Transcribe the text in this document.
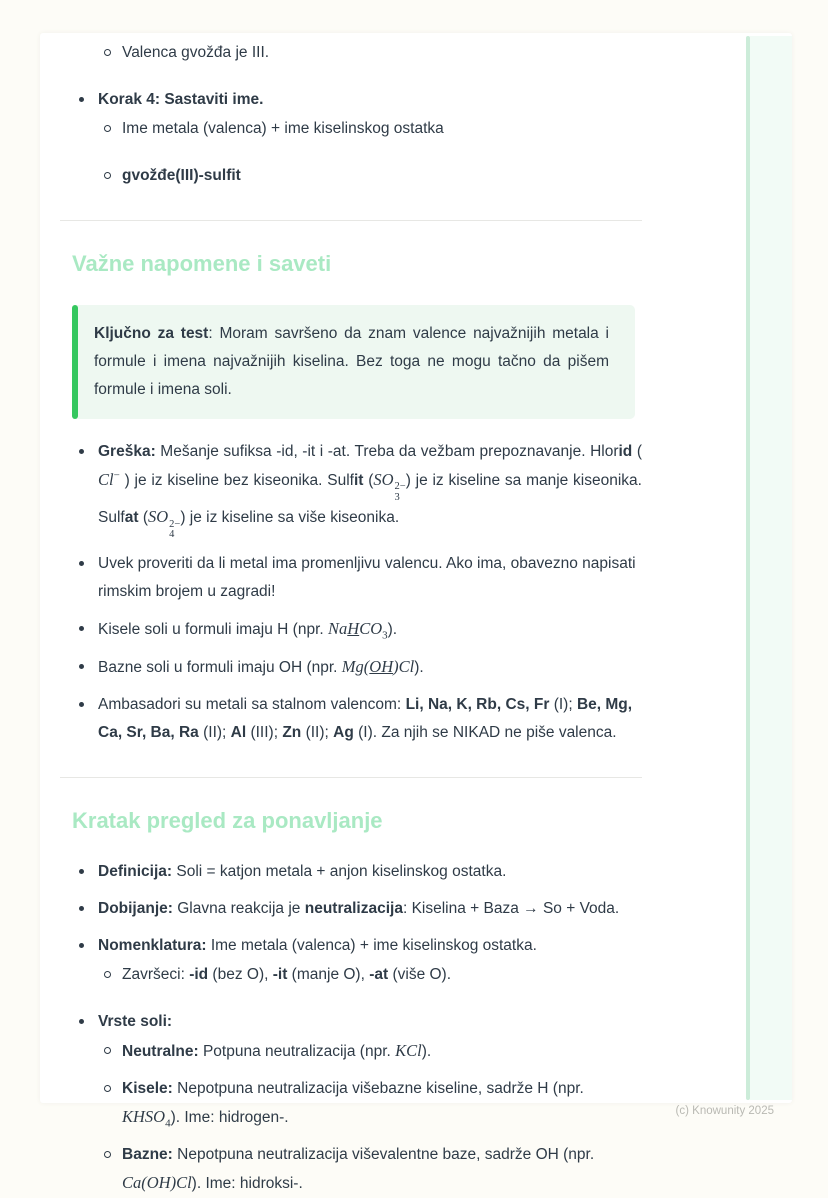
Valenca gvožđa je III.
Korak 4: Sastaviti ime.
Ime metala (valenca) + ime kiselinskog ostatka
gvožđe(III)-sulfit
Važne napomene i saveti

Ključno za test: Moram savršeno da znam valence najvažnijih metala i formule i imena najvažnijih kiselina. Bez toga ne mogu tačno da pišem formule i imena soli.

Greška: Mešanje sufiksa -id, -it i -at. Treba da vežbam prepoznavanje. Hlorid ( Cl− ) je iz kiseline bez kiseonika. Sulfit (SO 2−
3
) je iz kiseline sa manje kiseonika. Sulfat (SO 2−
4
) je iz kiseline sa više kiseonika.
Uvek proveriti da li metal ima promenljivu valencu. Ako ima, obavezno napisati rimskim brojem u zagradi!
Kisele soli u formuli imaju H (npr. NaHCO$_3$).
Bazne soli u formuli imaju OH (npr. Mg(OH)Cl).
Ambasadori su metali sa stalnom valencom: Li, Na, K, Rb, Cs, Fr (I); Be, Mg, Ca, Sr, Ba, Ra (II); Al (III); Zn (II); Ag (I). Za njih se NIKAD ne piše valenca.
Kratak pregled za ponavljanje
Definicija: Soli = katjon metala + anjon kiselinskog ostatka.
Dobijanje: Glavna reakcija je neutralizacija: Kiselina + Baza → So + Voda.
Nomenklatura: Ime metala (valenca) + ime kiselinskog ostatka.
Završeci: -id (bez O), -it (manje O), -at (više O).
Vrste soli:
Neutralne: Potpuna neutralizacija (npr. KCl).
Kisele: Nepotpuna neutralizacija višebazne kiseline, sadrže H (npr. $KHSO_4$). Ime: hidrogen-.
Bazne: Nepotpuna neutralizacija viševalentne baze, sadrže OH (npr. Ca(OH)Cl). Ime: hidroksi-.
(c) Knowunity 2025
